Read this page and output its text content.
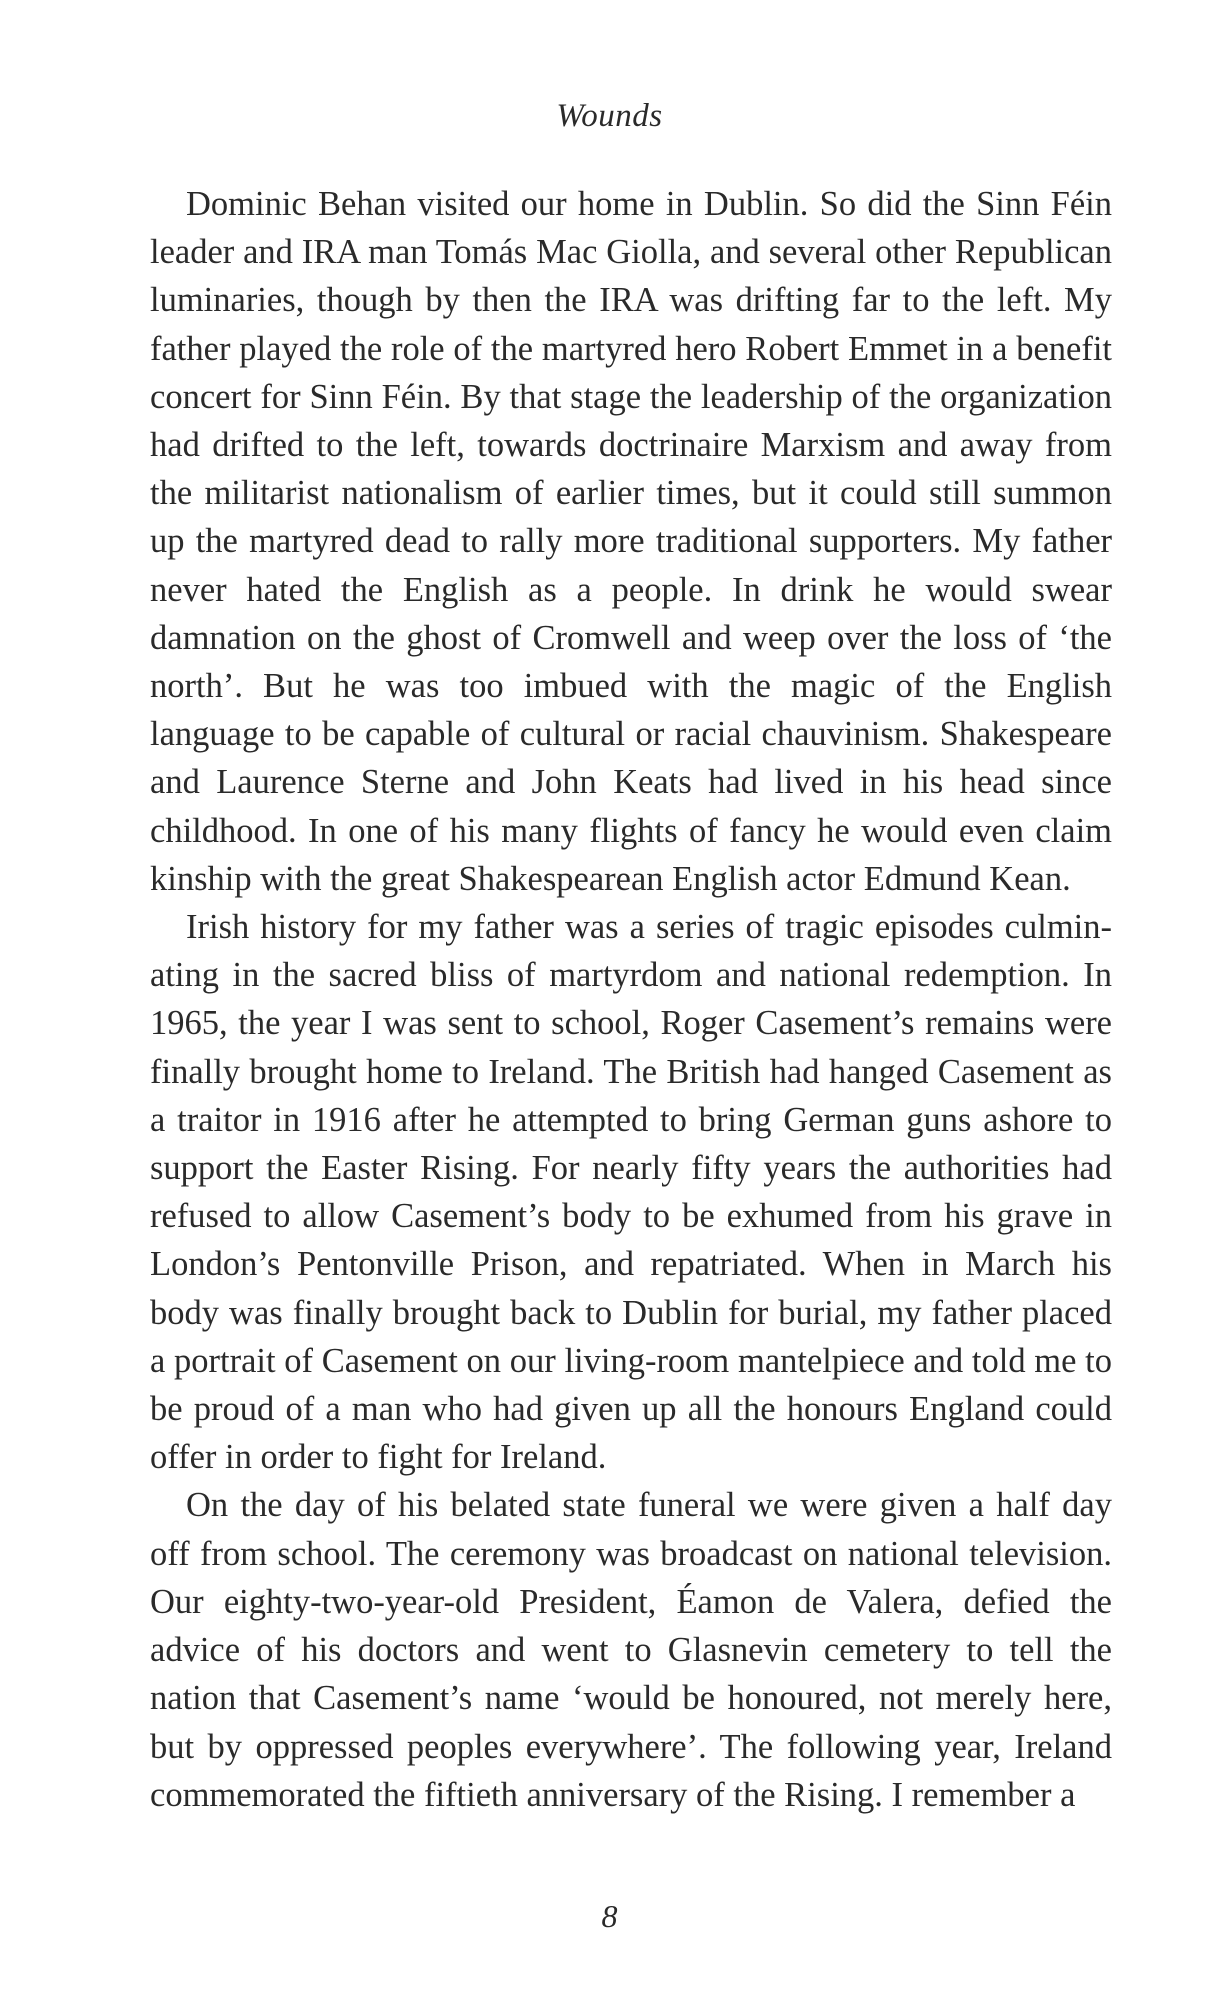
Wounds

Dominic Behan visited our home in Dublin. So did the Sinn Féin leader and IRA man Tomás Mac Giolla, and several other Republican luminaries, though by then the IRA was drifting far to the left. My father played the role of the martyred hero Robert Emmet in a benefit concert for Sinn Féin. By that stage the leadership of the organization had drifted to the left, towards doctrinaire Marxism and away from the militarist nationalism of earlier times, but it could still summon up the martyred dead to rally more traditional supporters. My father never hated the English as a people. In drink he would swear damnation on the ghost of Cromwell and weep over the loss of ‘the north’. But he was too imbued with the magic of the English language to be capable of cultural or racial chauvinism. Shakespeare and Laurence Sterne and John Keats had lived in his head since childhood. In one of his many flights of fancy he would even claim kinship with the great Shakespearean English actor Edmund Kean.

Irish history for my father was a series of tragic episodes culminating in the sacred bliss of martyrdom and national redemption. In 1965, the year I was sent to school, Roger Casement’s remains were finally brought home to Ireland. The British had hanged Casement as a traitor in 1916 after he attempted to bring German guns ashore to support the Easter Rising. For nearly fifty years the authorities had refused to allow Casement’s body to be exhumed from his grave in London’s Pentonville Prison, and repatriated. When in March his body was finally brought back to Dublin for burial, my father placed a portrait of Casement on our living-room mantelpiece and told me to be proud of a man who had given up all the honours England could offer in order to fight for Ireland.

On the day of his belated state funeral we were given a half day off from school. The ceremony was broadcast on national television. Our eighty-two-year-old President, Éamon de Valera, defied the advice of his doctors and went to Glasnevin cemetery to tell the nation that Casement’s name ‘would be honoured, not merely here, but by oppressed peoples everywhere’. The following year, Ireland commemorated the fiftieth anniversary of the Rising. I remember a

8
